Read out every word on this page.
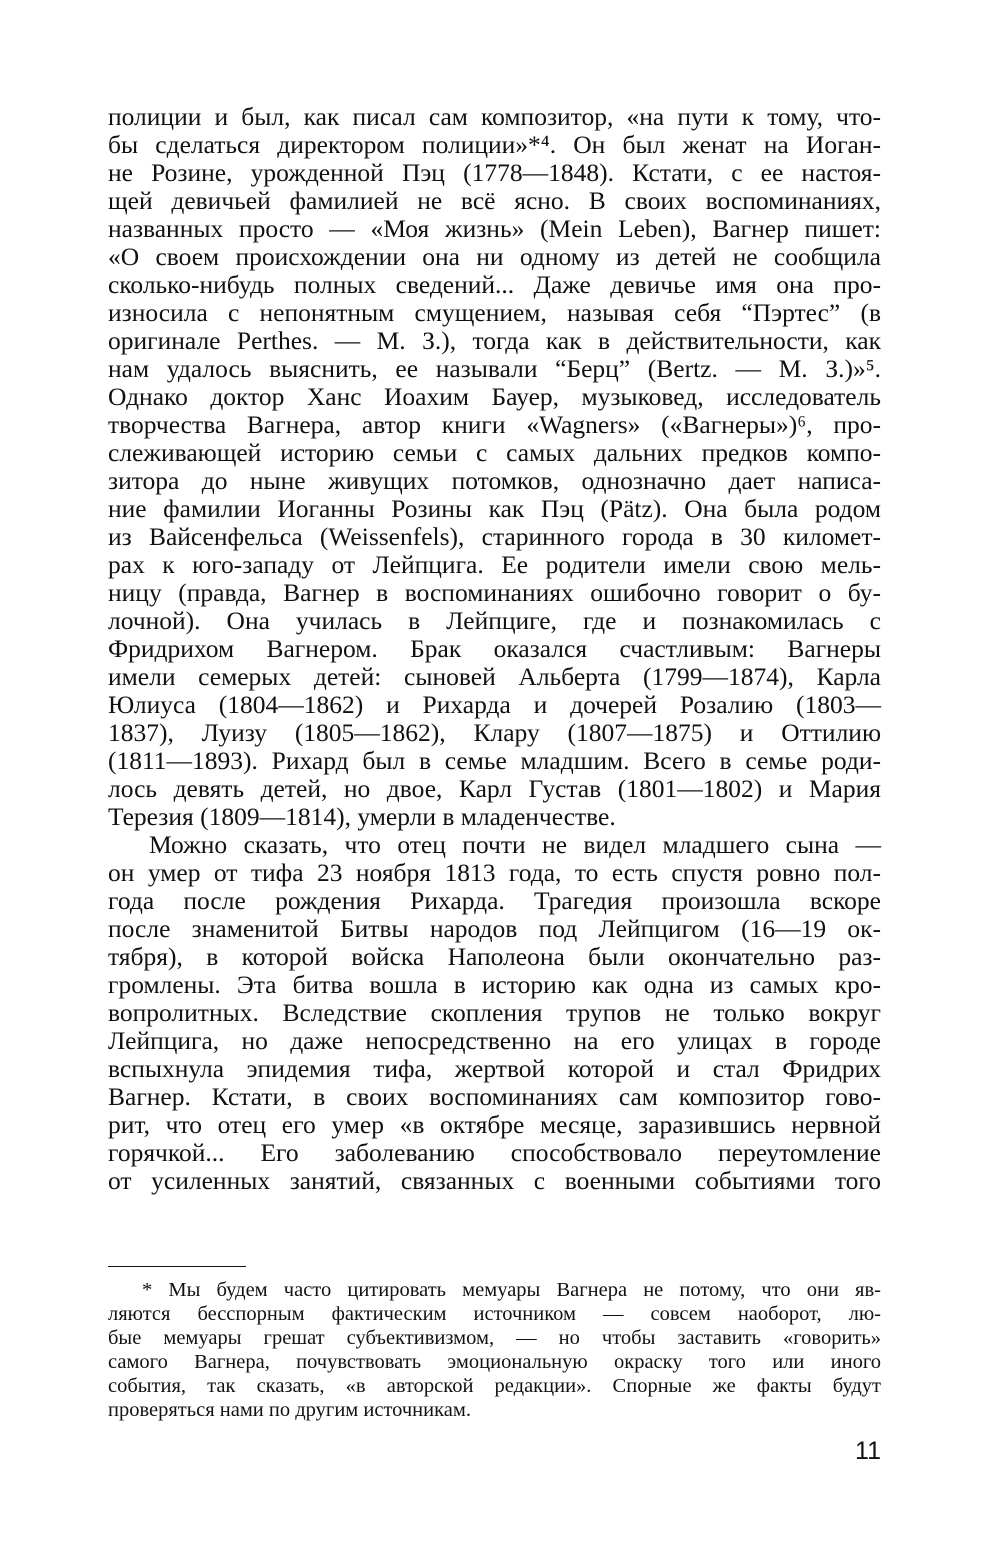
полиции и был, как писал сам композитор, «на пути к тому, что-
бы сделаться директором полиции»*⁴. Он был женат на Иоган-
не Розине, урожденной Пэц (1778—1848). Кстати, с ее настоя-
щей девичьей фамилией не всё ясно. В своих воспоминаниях,
названных просто — «Моя жизнь» (Mein Leben), Вагнер пишет:
«О своем происхождении она ни одному из детей не сообщила
сколько-нибудь полных сведений... Даже девичье имя она про-
износила с непонятным смущением, называя себя “Пэртес” (в
оригинале Perthes. — М. З.), тогда как в действительности, как
нам удалось выяснить, ее называли “Берц” (Bertz. — М. З.)»⁵.
Однако доктор Ханс Иоахим Бауер, музыковед, исследователь
творчества Вагнера, автор книги «Wagners» («Вагнеры»)⁶, про-
слеживающей историю семьи с самых дальних предков компо-
зитора до ныне живущих потомков, однозначно дает написа-
ние фамилии Иоганны Розины как Пэц (Pätz). Она была родом
из Вайсенфельса (Weissenfels), старинного города в 30 километ-
рах к юго-западу от Лейпцига. Ее родители имели свою мель-
ницу (правда, Вагнер в воспоминаниях ошибочно говорит о бу-
лочной). Она училась в Лейпциге, где и познакомилась с
Фридрихом Вагнером. Брак оказался счастливым: Вагнеры
имели семерых детей: сыновей Альберта (1799—1874), Карла
Юлиуса (1804—1862) и Рихарда и дочерей Розалию (1803—
1837), Луизу (1805—1862), Клару (1807—1875) и Оттилию
(1811—1893). Рихард был в семье младшим. Всего в семье роди-
лось девять детей, но двое, Карл Густав (1801—1802) и Мария
Терезия (1809—1814), умерли в младенчестве.
Можно сказать, что отец почти не видел младшего сына —
он умер от тифа 23 ноября 1813 года, то есть спустя ровно пол-
года после рождения Рихарда. Трагедия произошла вскоре
после знаменитой Битвы народов под Лейпцигом (16—19 ок-
тября), в которой войска Наполеона были окончательно раз-
громлены. Эта битва вошла в историю как одна из самых кро-
вопролитных. Вследствие скопления трупов не только вокруг
Лейпцига, но даже непосредственно на его улицах в городе
вспыхнула эпидемия тифа, жертвой которой и стал Фридрих
Вагнер. Кстати, в своих воспоминаниях сам композитор гово-
рит, что отец его умер «в октябре месяце, заразившись нервной
горячкой... Его заболеванию способствовало переутомление
от усиленных занятий, связанных с военными событиями того
* Мы будем часто цитировать мемуары Вагнера не потому, что они яв-
ляются бесспорным фактическим источником — совсем наоборот, лю-
бые мемуары грешат субъективизмом, — но чтобы заставить «говорить»
самого Вагнера, почувствовать эмоциональную окраску того или иного
события, так сказать, «в авторской редакции». Спорные же факты будут
проверяться нами по другим источникам.
11
